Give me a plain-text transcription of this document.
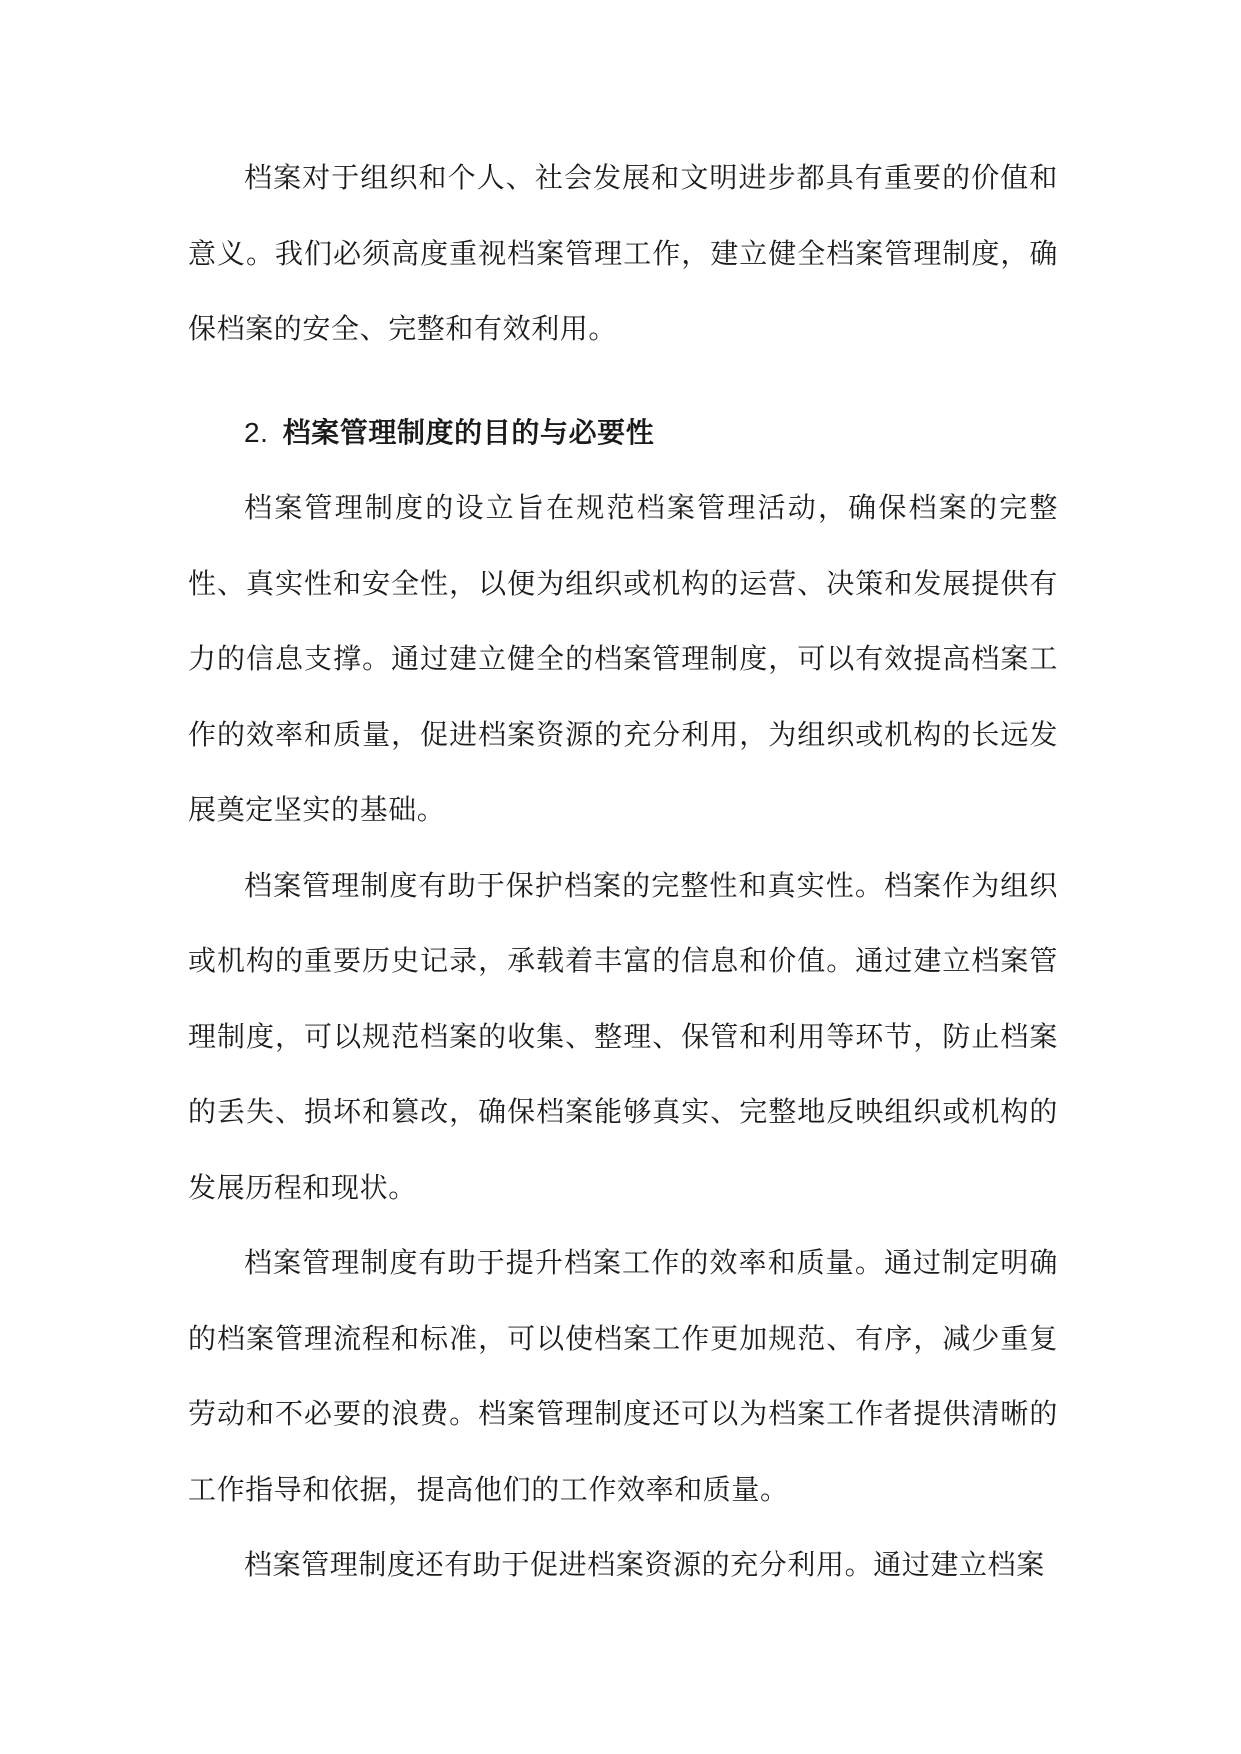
档案对于组织和个人、社会发展和文明进步都具有重要的价值和意义。我们必须高度重视档案管理工作，建立健全档案管理制度，确保档案的安全、完整和有效利用。

2. 档案管理制度的目的与必要性

档案管理制度的设立旨在规范档案管理活动，确保档案的完整性、真实性和安全性，以便为组织或机构的运营、决策和发展提供有力的信息支撑。通过建立健全的档案管理制度，可以有效提高档案工作的效率和质量，促进档案资源的充分利用，为组织或机构的长远发展奠定坚实的基础。

档案管理制度有助于保护档案的完整性和真实性。档案作为组织或机构的重要历史记录，承载着丰富的信息和价值。通过建立档案管理制度，可以规范档案的收集、整理、保管和利用等环节，防止档案的丢失、损坏和篡改，确保档案能够真实、完整地反映组织或机构的发展历程和现状。

档案管理制度有助于提升档案工作的效率和质量。通过制定明确的档案管理流程和标准，可以使档案工作更加规范、有序，减少重复劳动和不必要的浪费。档案管理制度还可以为档案工作者提供清晰的工作指导和依据，提高他们的工作效率和质量。

档案管理制度还有助于促进档案资源的充分利用。通过建立档案
